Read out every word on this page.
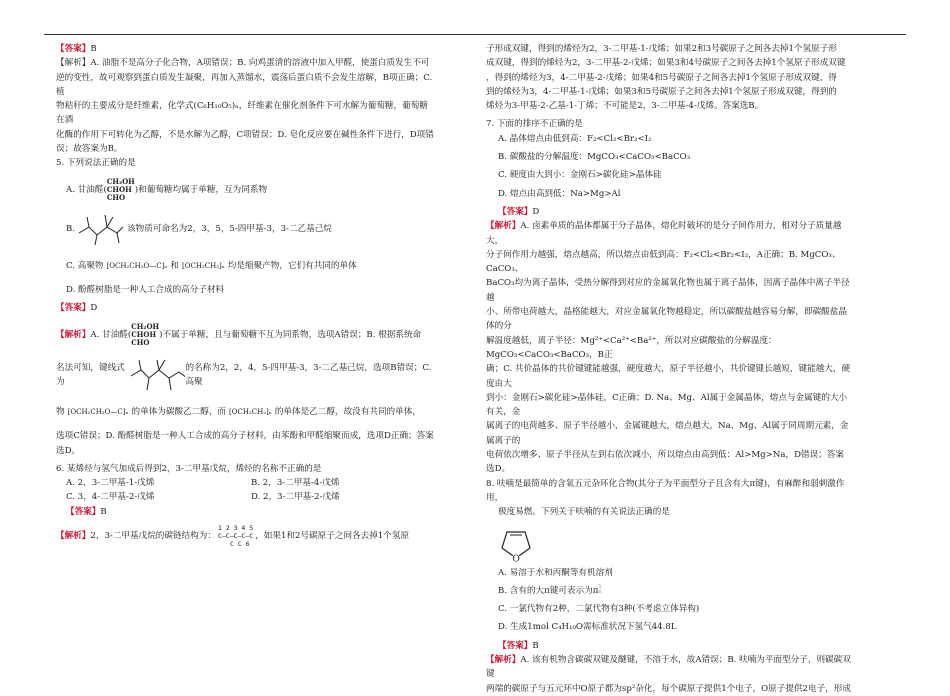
【答案】B

【解析】A. 油脂不是高分子化合物，A项错误；B. 向鸡蛋清的溶液中加入甲醛，使蛋白质发生不可

逆的变性，故可观察到蛋白质发生凝聚，再加入蒸馏水，震荡后蛋白质不会发生溶解，B项正确；C. 植

物秸秆的主要成分是纤维素，化学式(C₆H₁₀O₅)ₙ，纤维素在催化剂条件下可水解为葡萄糖，葡萄糖在酒

化酶的作用下可转化为乙醇，不是水解为乙醇，C项错误；D. 皂化反应要在碱性条件下进行，D项错

误；故答案为B。

5. 下列说法正确的是

A. 甘油醛(
CH₂OH
CHOH
CHO
)和葡萄糖均属于单糖，互为同系物
B.	该物质可命名为2，3，5，5-四甲基-3，3-二乙基己烷
C. 高聚物 [OCH₂CH₂O—C]ₙ 和 [OCH₂CH₂]ₙ 均是缩聚产物，它们有共同的单体

D. 酚醛树脂是一种人工合成的高分子材料

【答案】D

【解析】A. 甘油醛(
CH₂OH
CHOH
CHO
)不属于单糖，且与葡萄糖不互为同系物，选项A错误；B. 根据系统命
名法可知，键线式为
的名称为2，2，4，5-四甲基-3，3-二乙基己烷，选项B错误；C. 高聚
物 [OCH₂CH₂O—C]ₙ 的单体为碳酸乙二醇，而 [OCH₂CH₂]ₙ 的单体是乙二醇，故没有共同的单体，

选项C错误；D. 酚醛树脂是一种人工合成的高分子材料，由苯酚和甲醛缩聚而成，选项D正确；答案

选D。

6. 某烯烃与氢气加成后得到2，3-二甲基戊烷，烯烃的名称不正确的是

A. 2，3-二甲基-1-戊烯	B. 2，3-二甲基-4-戊烯
C. 3，4-二甲基-2-戊烯	D. 2，3-二甲基-2-戊烯

【答案】B

【解析】2，3-二甲基戊烷的碳链结构为：
1 2 3 4 5
C—C—C—C—C
C C 6
，如果1和2号碳原子之间各去掉1个氢原

子形成双键，得到的烯烃为2，3-二甲基-1-戊烯；如果2和3号碳原子之间各去掉1个氢原子形

成双键，得到的烯烃为2，3-二甲基-2-戊烯；如果3和4号碳原子之间各去掉1个氢原子形成双键

，得到的烯烃为3，4-二甲基-2-戊烯；如果4和5号碳原子之间各去掉1个氢原子形成双键，得

到的烯烃为3，4-二甲基-1-戊烯；如果3和5号碳原子之间各去掉1个氢原子形成双键，得到的

烯烃为3-甲基-2-乙基-1-丁烯；不可能是2，3-二甲基-4-戊烯。答案选B。

7. 下面的排序不正确的是

A. 晶体熔点由低到高：F₂<Cl₂<Br₂<I₂

B. 碳酸盐的分解温度：MgCO₃<CaCO₃<BaCO₃

C. 硬度由大到小：金刚石>碳化硅>晶体硅

D. 熔点由高到低：Na>Mg>Al

【答案】D

【解析】A. 卤素单质的晶体都属于分子晶体，熔化时破坏的是分子间作用力，相对分子质量越大，

分子间作用力越强，熔点越高，所以熔点由低到高：F₂<Cl₂<Br₂<I₂，A正确；B. MgCO₃、CaCO₃、

BaCO₃均为离子晶体，受热分解得到对应的金属氧化物也属于离子晶体，因离子晶体中离子半径越

小、所带电荷越大，晶格能越大，对应金属氧化物越稳定，所以碳酸盐越容易分解，即碳酸盐晶体的分

解温度越低，离子半径：Mg²⁺<Ca²⁺<Ba²⁺，所以对应碳酸盐的分解温度：MgCO₃<CaCO₃<BaCO₃，B正

确；C. 共价晶体的共价键键能越强，硬度越大，原子半径越小，共价键键长越短，键能越大，硬度由大

到小：金刚石>碳化硅>晶体硅，C正确；D. Na、Mg、Al属于金属晶体，熔点与金属键的大小有关，金

属离子的电荷越多、原子半径越小，金属键越大，熔点越大，Na、Mg、Al属于同周期元素，金属离子的

电荷依次增多、原子半径从左到右依次减小，所以熔点由高到低：Al>Mg>Na，D错误；答案选D。

8. 呋喃是最简单的含氧五元杂环化合物(其分子为平面型分子且含有大π键)，有麻醉和弱刺激作用，

极度易燃。下列关于呋喃的有关说法正确的是

O

A. 易溶于水和丙酮等有机溶剂

B. 含有的大π键可表示为π5
6

C. 一氯代物有2种，二氯代物有3种(不考虑立体异构)

D. 生成1mol C₄H₁₀O需标准状况下氢气44.8L

【答案】B

【解析】A. 该有机物含碳碳双键及醚键，不溶于水，故A错误；B. 呋喃为平面型分子，则碳碳双键

两端的碳原子与五元环中O原子都为sp²杂化，每个碳原子提供1个电子，O原子提供2电子，形成
